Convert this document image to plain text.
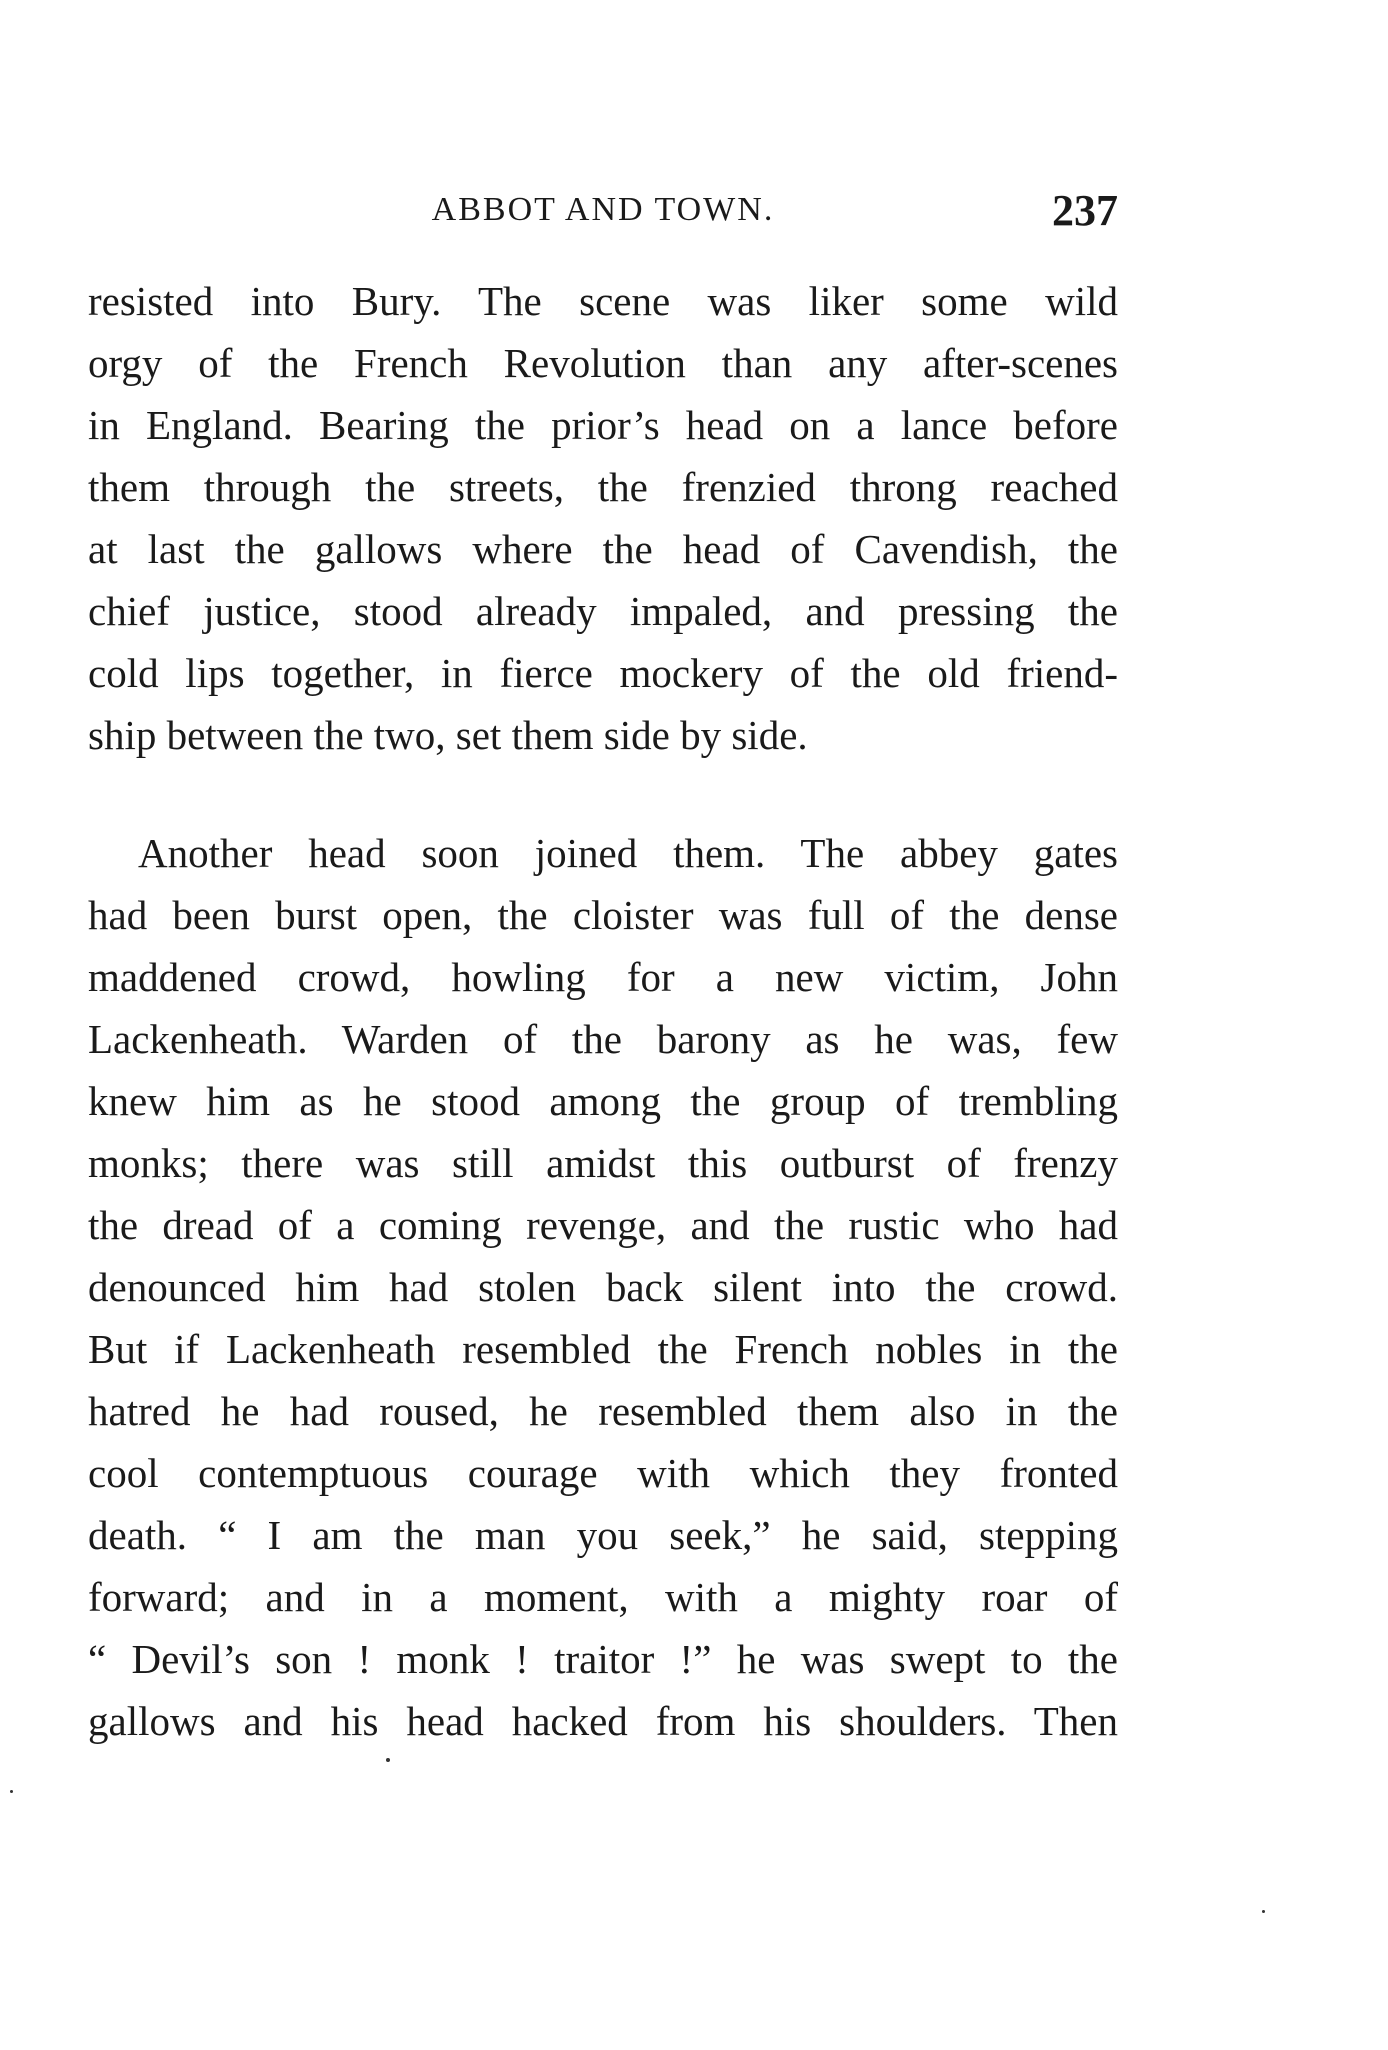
ABBOT AND TOWN.	237
resisted into Bury. The scene was liker some wild
orgy of the French Revolution than any after-scenes
in England. Bearing the prior’s head on a lance before
them through the streets, the frenzied throng reached
at last the gallows where the head of Cavendish, the
chief justice, stood already impaled, and pressing the
cold lips together, in fierce mockery of the old friend-
ship between the two, set them side by side.
Another head soon joined them. The abbey gates
had been burst open, the cloister was full of the dense
maddened crowd, howling for a new victim, John
Lackenheath. Warden of the barony as he was, few
knew him as he stood among the group of trembling
monks; there was still amidst this outburst of frenzy
the dread of a coming revenge, and the rustic who had
denounced him had stolen back silent into the crowd.
But if Lackenheath resembled the French nobles in the
hatred he had roused, he resembled them also in the
cool contemptuous courage with which they fronted
death. “ I am the man you seek,” he said, stepping
forward; and in a moment, with a mighty roar of
“ Devil’s son ! monk ! traitor !” he was swept to the
gallows and his head hacked from his shoulders. Then
